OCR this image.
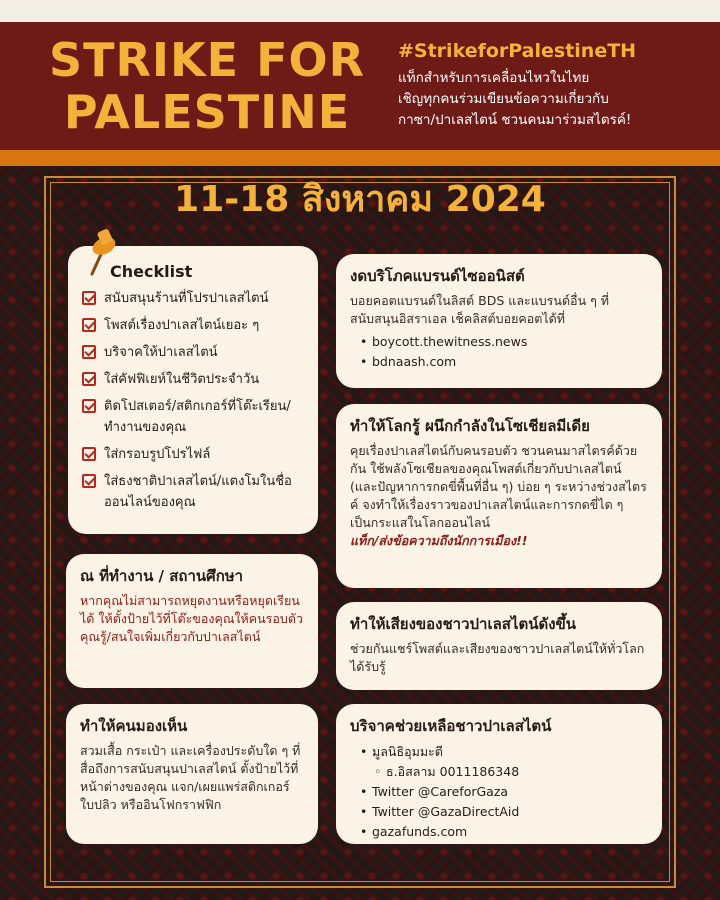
STRIKE FOR
PALESTINE
#StrikeforPalestineTH
แท็กสำหรับการเคลื่อนไหวในไทย
เชิญทุกคนร่วมเขียนข้อความเกี่ยวกับ
กาซา/ปาเลสไตน์ ชวนคนมาร่วมสไตรค์!
11-18 สิงหาคม 2024
Checklist
สนับสนุนร้านที่โปรปาเลสไตน์
โพสต์เรื่องปาเลสไตน์เยอะ ๆ
บริจาคให้ปาเลสไตน์
ใส่คัฟฟิเยห์ในชีวิตประจำวัน
ติดโปสเตอร์/สติกเกอร์ที่โต๊ะเรียน/ทำงานของคุณ
ใส่กรอบรูปโปรไฟล์
ใส่ธงชาติปาเลสไตน์/แตงโมในชื่อออนไลน์ของคุณ
ณ ที่ทำงาน / สถานศึกษา
หากคุณไม่สามารถหยุดงานหรือหยุดเรียนได้ ให้ตั้งป้ายไว้ที่โต๊ะของคุณให้คนรอบตัวคุณรู้/สนใจเพิ่มเกี่ยวกับปาเลสไตน์
ทำให้คนมองเห็น
สวมเสื้อ กระเป๋า และเครื่องประดับใด ๆ ที่สื่อถึงการสนับสนุนปาเลสไตน์ ตั้งป้ายไว้ที่หน้าต่างของคุณ แจก/เผยแพร่สติกเกอร์ ใบปลิว หรืออินโฟกราฟฟิก
งดบริโภคแบรนด์ไซออนิสต์
บอยคอตแบรนด์ในลิสต์ BDS และแบรนด์อื่น ๆ ที่สนับสนุนอิสราเอล เช็คลิสต์บอยคอตได้ที่
• boycott.thewitness.news
• bdnaash.com
ทำให้โลกรู้ ผนึกกำลังในโซเชียลมีเดีย
คุยเรื่องปาเลสไตน์กับคนรอบตัว ชวนคนมาสไตรค์ด้วยกัน ใช้พลังโซเชียลของคุณโพสต์เกี่ยวกับปาเลสไตน์ (และปัญหาการกดขี่พื้นที่อื่น ๆ) บ่อย ๆ ระหว่างช่วงสไตรค์ จงทำให้เรื่องราวของปาเลสไตน์และการกดขี่ได ๆ เป็นกระแสในโลกออนไลน์
แท็ก/ส่งข้อความถึงนักการเมือง!!
ทำให้เสียงของชาวปาเลสไตน์ดังขึ้น
ช่วยกันแชร์โพสต์และเสียงของชาวปาเลสไตน์ให้ทั่วโลกได้รับรู้
บริจาคช่วยเหลือชาวปาเลสไตน์
• มูลนิธิอุมมะตี
◦ ธ.อิสลาม 0011186348
• Twitter @CareforGaza
• Twitter @GazaDirectAid
• gazafunds.com
